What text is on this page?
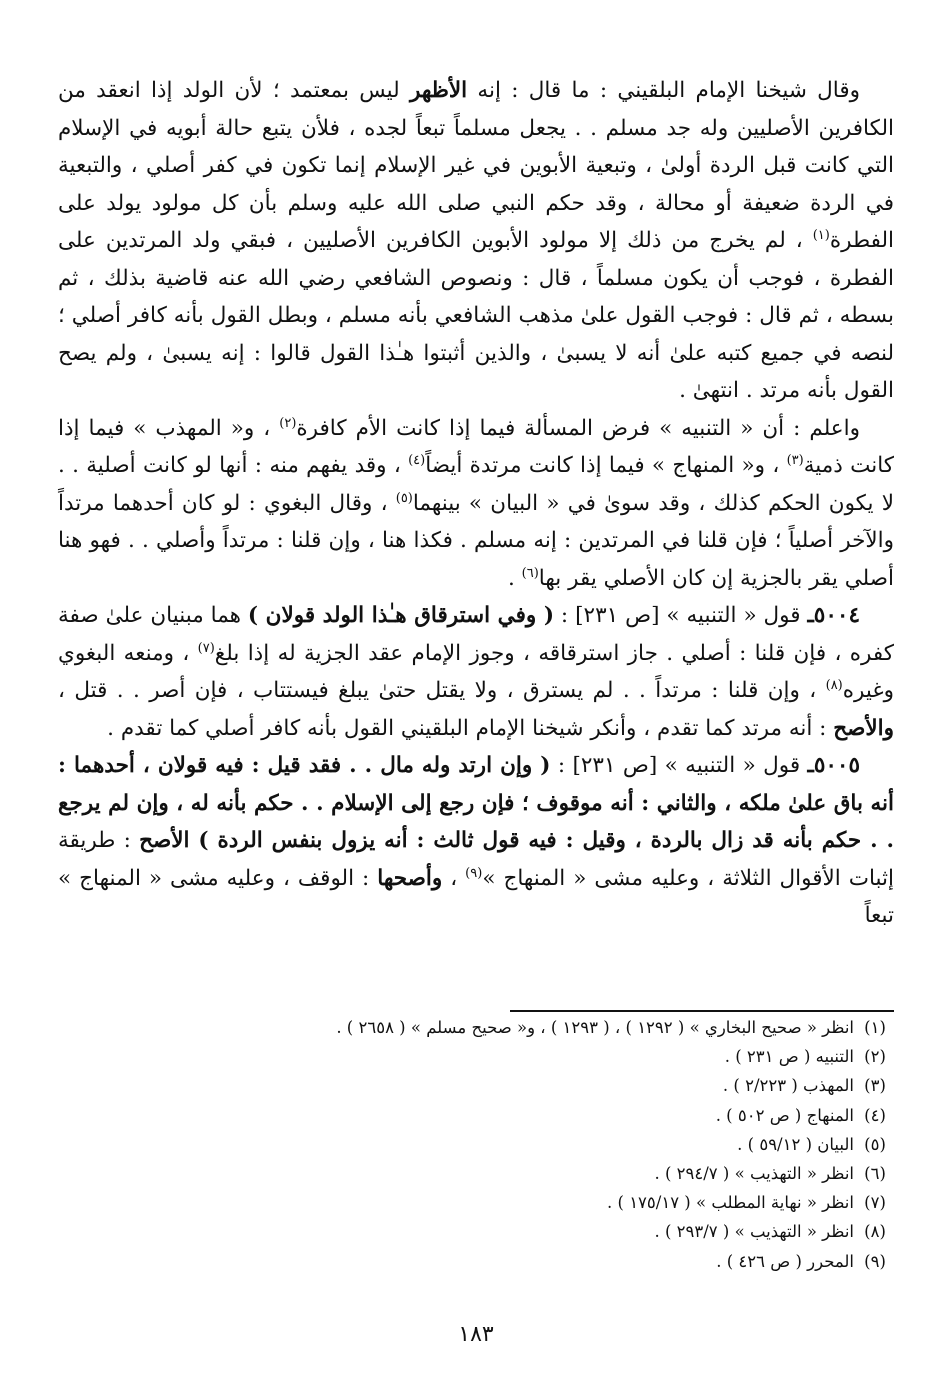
وقال شيخنا الإمام البلقيني : ما قال : إنه الأظهر ليس بمعتمد ؛ لأن الولد إذا انعقد من الكافرين الأصليين وله جد مسلم . . يجعل مسلماً تبعاً لجده ، فلأن يتبع حالة أبويه في الإسلام التي كانت قبل الردة أولىٰ ، وتبعية الأبوين في غير الإسلام إنما تكون في كفر أصلي ، والتبعية في الردة ضعيفة أو محالة ، وقد حكم النبي صلى الله عليه وسلم بأن كل مولود يولد على الفطرة$^{(١)}$ ، لم يخرج من ذلك إلا مولود الأبوين الكافرين الأصليين ، فبقي ولد المرتدين على الفطرة ، فوجب أن يكون مسلماً ، قال : ونصوص الشافعي رضي الله عنه قاضية بذلك ، ثم بسطه ، ثم قال : فوجب القول علىٰ مذهب الشافعي بأنه مسلم ، وبطل القول بأنه كافر أصلي ؛ لنصه في جميع كتبه علىٰ أنه لا يسبىٰ ، والذين أثبتوا هـٰذا القول قالوا : إنه يسبىٰ ، ولم يصح القول بأنه مرتد . انتهىٰ .

واعلم : أن « التنبيه » فرض المسألة فيما إذا كانت الأم كافرة$^{(٢)}$ ، و« المهذب » فيما إذا كانت ذمية$^{(٣)}$ ، و« المنهاج » فيما إذا كانت مرتدة أيضاً$^{(٤)}$ ، وقد يفهم منه : أنها لو كانت أصلية . . لا يكون الحكم كذلك ، وقد سوىٰ في « البيان » بينهما$^{(٥)}$ ، وقال البغوي : لو كان أحدهما مرتداً والآخر أصلياً ؛ فإن قلنا في المرتدين : إنه مسلم . فكذا هنا ، وإن قلنا : مرتداً وأصلي . . فهو هنا أصلي يقر بالجزية إن كان الأصلي يقر بها$^{(٦)}$ .

٥٠٠٤ـ قول « التنبيه » [ص ٢٣١] : ( وفي استرقاق هـٰذا الولد قولان ) هما مبنيان علىٰ صفة كفره ، فإن قلنا : أصلي . جاز استرقاقه ، وجوز الإمام عقد الجزية له إذا بلغ$^{(٧)}$ ، ومنعه البغوي وغيره$^{(٨)}$ ، وإن قلنا : مرتداً . . لم يسترق ، ولا يقتل حتىٰ يبلغ فيستتاب ، فإن أصر . . قتل ، والأصح : أنه مرتد كما تقدم ، وأنكر شيخنا الإمام البلقيني القول بأنه كافر أصلي كما تقدم .

٥٠٠٥ـ قول « التنبيه » [ص ٢٣١] : ( وإن ارتد وله مال . . فقد قيل : فيه قولان ، أحدهما : أنه باق علىٰ ملكه ، والثاني : أنه موقوف ؛ فإن رجع إلى الإسلام . . حكم بأنه له ، وإن لم يرجع . . حكم بأنه قد زال بالردة ، وقيل : فيه قول ثالث : أنه يزول بنفس الردة ) الأصح : طريقة إثبات الأقوال الثلاثة ، وعليه مشى « المنهاج »$^{(٩)}$ ، وأصحها : الوقف ، وعليه مشى « المنهاج » تبعاً

(١)
انظر « صحيح البخاري » ( ١٢٩٢ ) ، ( ١٢٩٣ ) ، و« صحيح مسلم » ( ٢٦٥٨ ) .
(٢)
التنبيه ( ص ٢٣١ ) .
(٣)
المهذب ( ٢/٢٢٣ ) .
(٤)
المنهاج ( ص ٥٠٢ ) .
(٥)
البيان ( ٥٩/١٢ ) .
(٦)
انظر « التهذيب » ( ٢٩٤/٧ ) .
(٧)
انظر « نهاية المطلب » ( ١٧٥/١٧ ) .
(٨)
انظر « التهذيب » ( ٢٩٣/٧ ) .
(٩)
المحرر ( ص ٤٢٦ ) .
١٨٣
